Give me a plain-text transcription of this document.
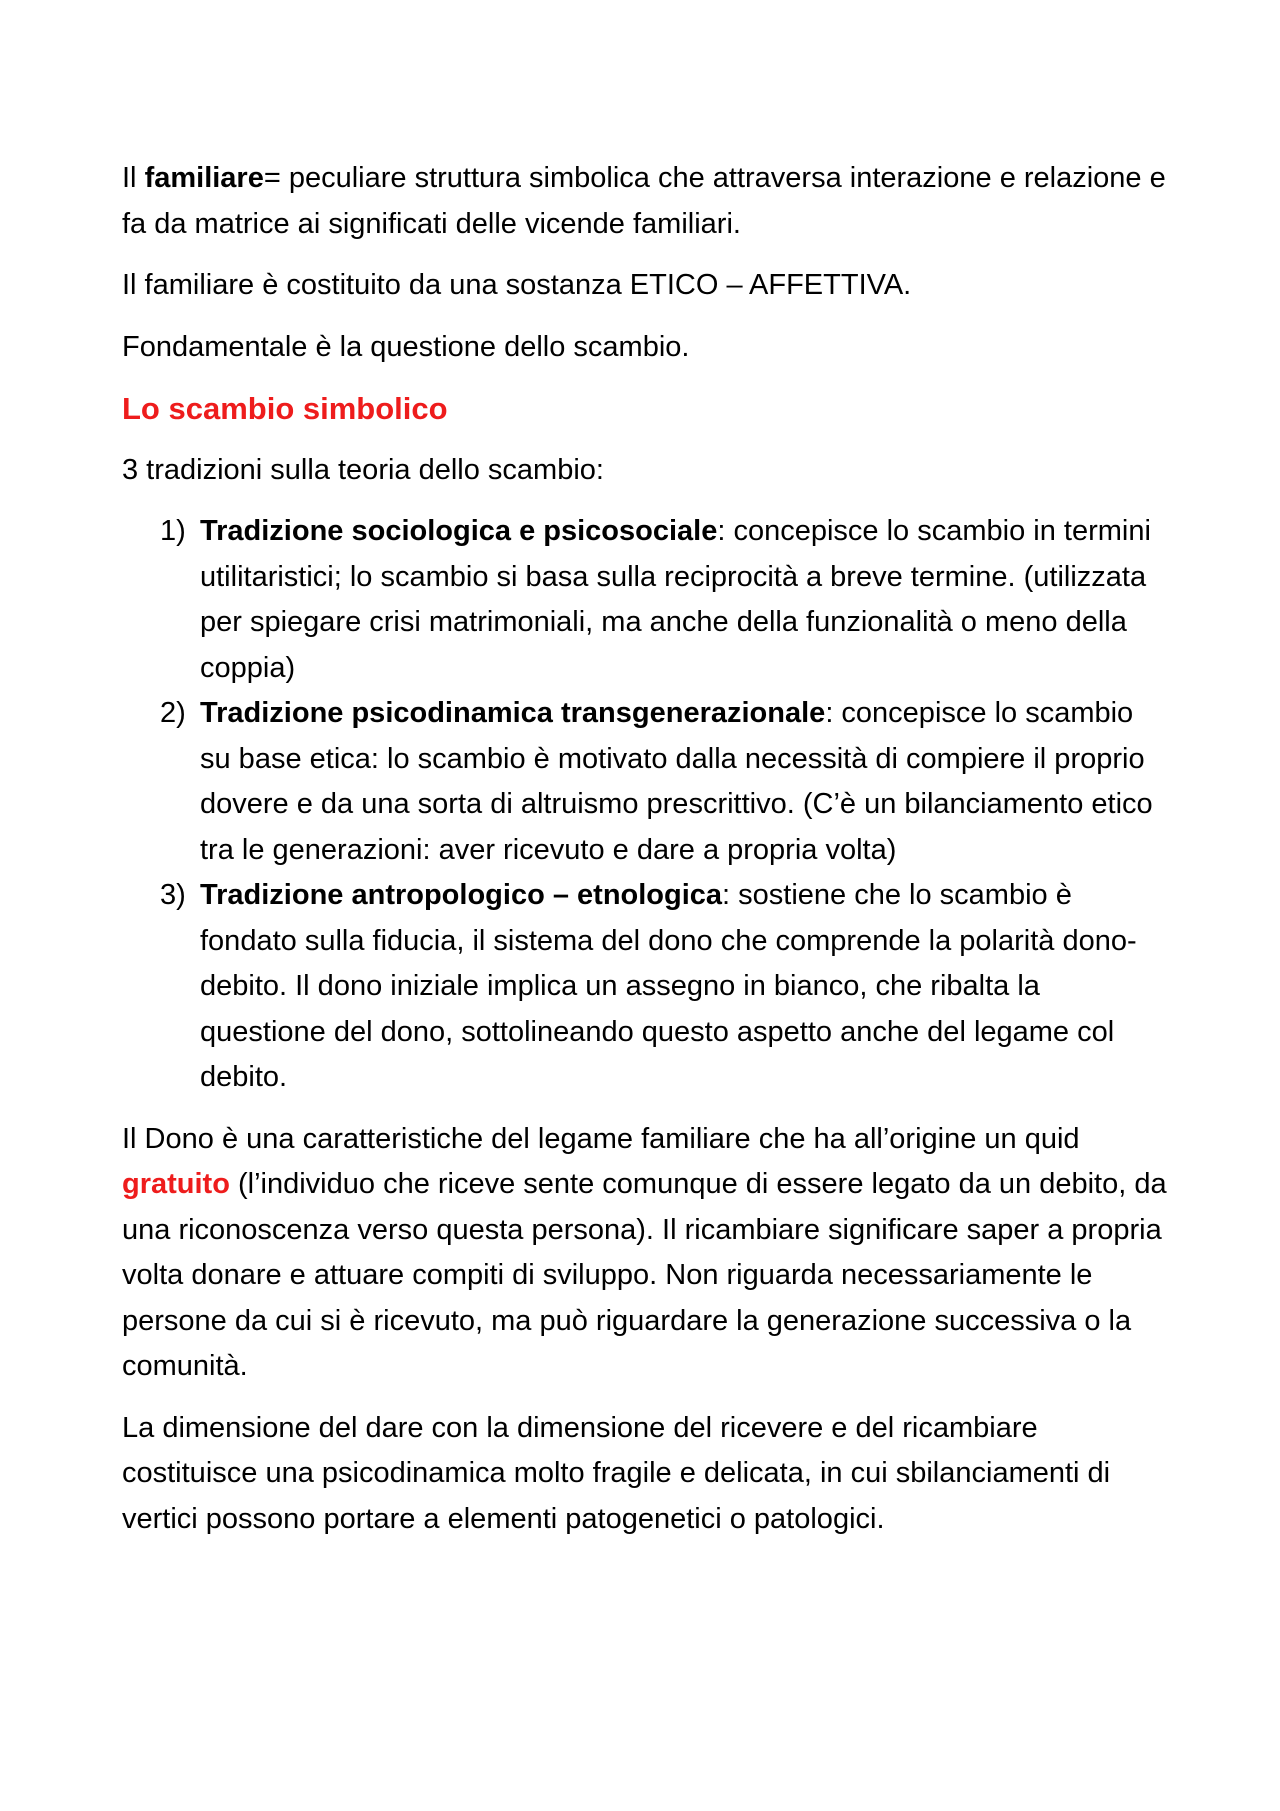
Il familiare= peculiare struttura simbolica che attraversa interazione e relazione e fa da matrice ai significati delle vicende familiari.

Il familiare è costituito da una sostanza ETICO – AFFETTIVA.

Fondamentale è la questione dello scambio.

Lo scambio simbolico

3 tradizioni sulla teoria dello scambio:

1) Tradizione sociologica e psicosociale: concepisce lo scambio in termini utilitaristici; lo scambio si basa sulla reciprocità a breve termine. (utilizzata per spiegare crisi matrimoniali, ma anche della funzionalità o meno della coppia)
2) Tradizione psicodinamica transgenerazionale: concepisce lo scambio su base etica: lo scambio è motivato dalla necessità di compiere il proprio dovere e da una sorta di altruismo prescrittivo. (C’è un bilanciamento etico tra le generazioni: aver ricevuto e dare a propria volta)
3) Tradizione antropologico – etnologica: sostiene che lo scambio è fondato sulla fiducia, il sistema del dono che comprende la polarità dono-debito. Il dono iniziale implica un assegno in bianco, che ribalta la questione del dono, sottolineando questo aspetto anche del legame col debito.

Il Dono è una caratteristiche del legame familiare che ha all’origine un quid gratuito (l’individuo che riceve sente comunque di essere legato da un debito, da una riconoscenza verso questa persona). Il ricambiare significare saper a propria volta donare e attuare compiti di sviluppo. Non riguarda necessariamente le persone da cui si è ricevuto, ma può riguardare la generazione successiva o la comunità.

La dimensione del dare con la dimensione del ricevere e del ricambiare costituisce una psicodinamica molto fragile e delicata, in cui sbilanciamenti di vertici possono portare a elementi patogenetici o patologici.
